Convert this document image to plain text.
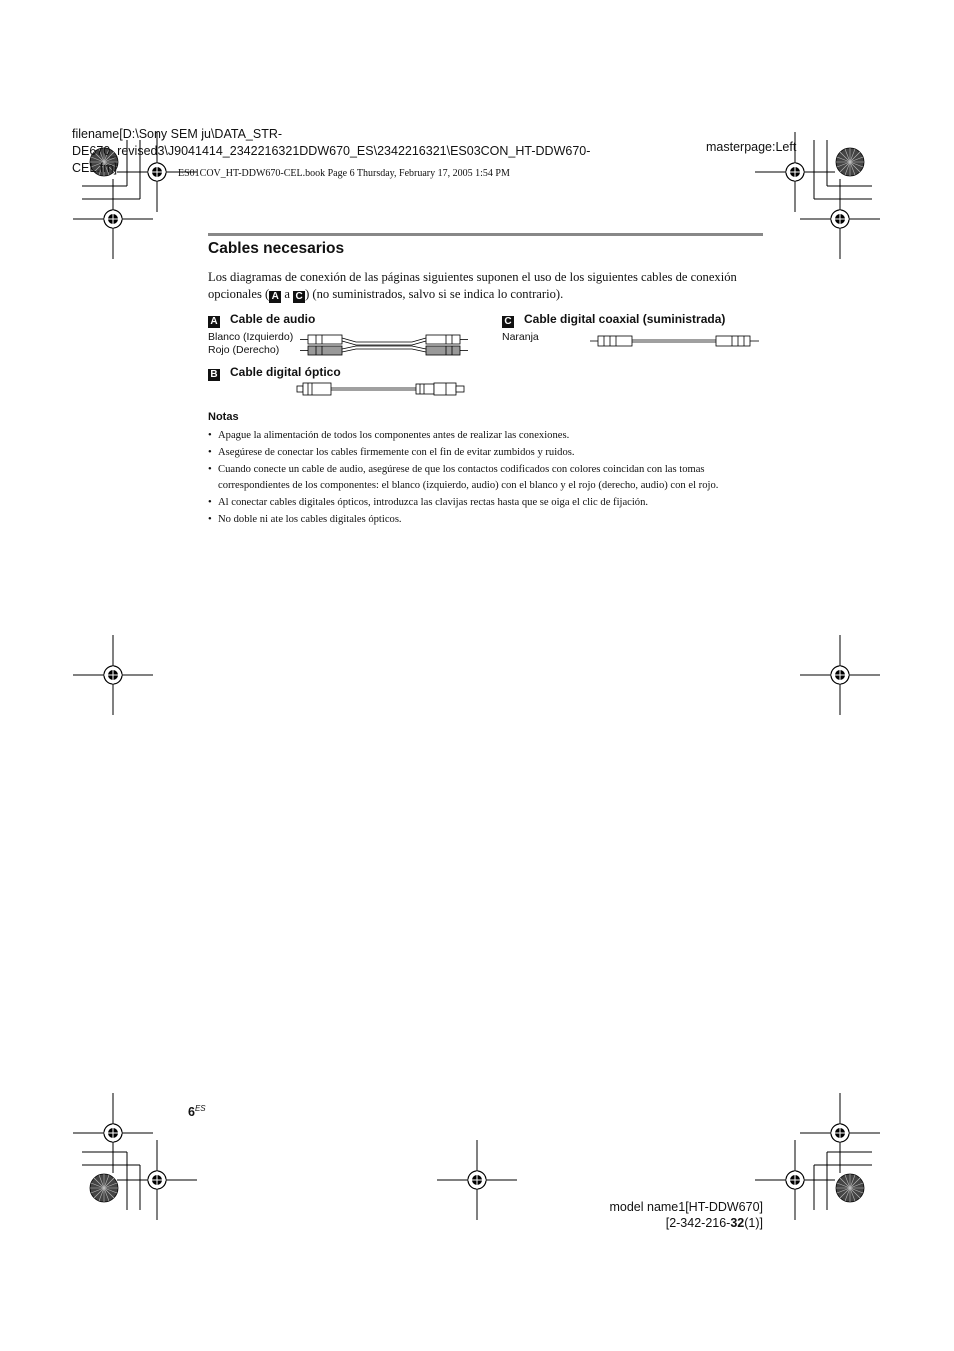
filename[D:\Sony SEM ju\DATA_STR-
DE670_revised3\J9041414_2342216321DDW670_ES\2342216321\ES03CON_HT-DDW670-
CEL.fm]
masterpage:Left
ES01COV_HT-DDW670-CEL.book Page 6 Thursday, February 17, 2005 1:54 PM
Cables necesarios
Los diagramas de conexión de las páginas siguientes suponen el uso de los siguientes cables de conexión opcionales ( A a C ) (no suministrados, salvo si se indica lo contrario).
A Cable de audio
Blanco (Izquierdo)
Rojo (Derecho)
B Cable digital óptico
C Cable digital coaxial (suministrada)
Naranja
Notas
• Apague la alimentación de todos los componentes antes de realizar las conexiones.
• Asegúrese de conectar los cables firmemente con el fin de evitar zumbidos y ruidos.
• Cuando conecte un cable de audio, asegúrese de que los contactos codificados con colores coincidan con las tomas correspondientes de los componentes: el blanco (izquierdo, audio) con el blanco y el rojo (derecho, audio) con el rojo.
• Al conectar cables digitales ópticos, introduzca las clavijas rectas hasta que se oiga el clic de fijación.
• No doble ni ate los cables digitales ópticos.
$6^{ES}$
model name1[HT-DDW670]
[2-342-216-32(1)]
